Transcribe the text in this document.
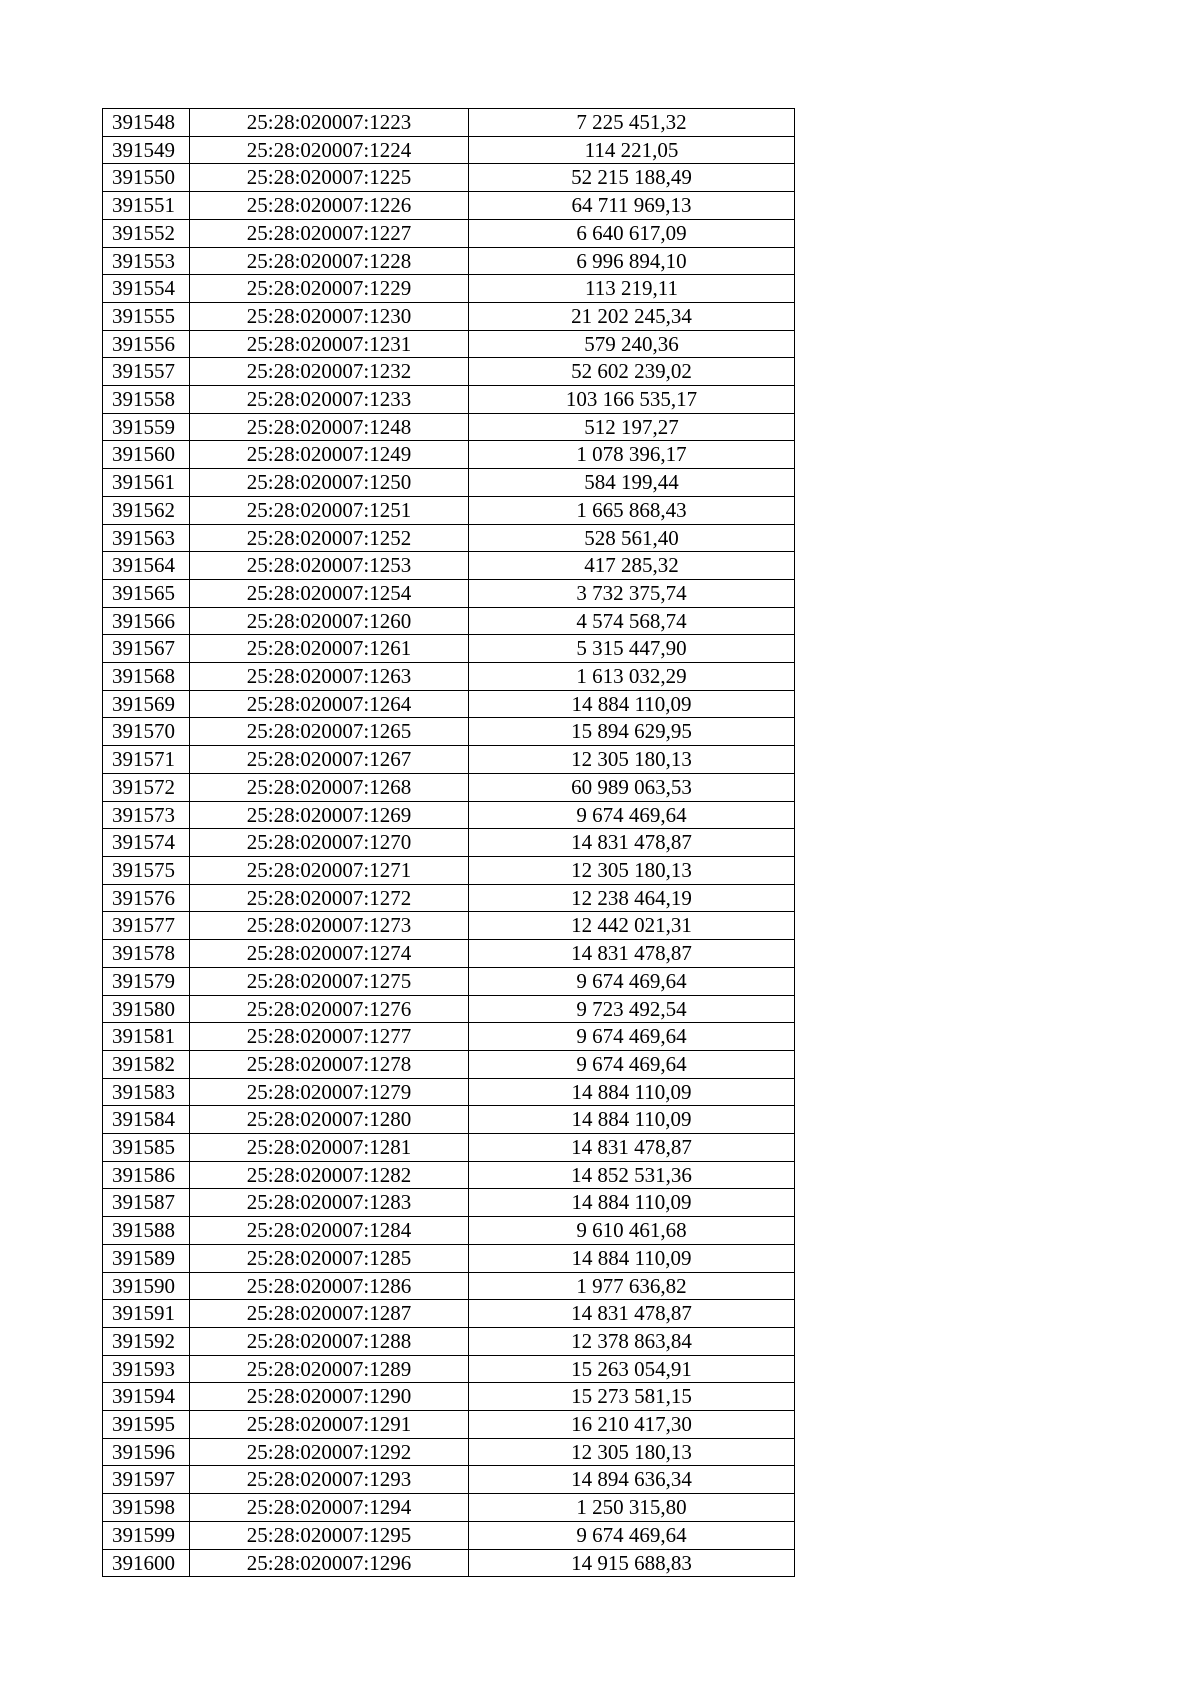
391548	25:28:020007:1223	7 225 451,32
391549	25:28:020007:1224	114 221,05
391550	25:28:020007:1225	52 215 188,49
391551	25:28:020007:1226	64 711 969,13
391552	25:28:020007:1227	6 640 617,09
391553	25:28:020007:1228	6 996 894,10
391554	25:28:020007:1229	113 219,11
391555	25:28:020007:1230	21 202 245,34
391556	25:28:020007:1231	579 240,36
391557	25:28:020007:1232	52 602 239,02
391558	25:28:020007:1233	103 166 535,17
391559	25:28:020007:1248	512 197,27
391560	25:28:020007:1249	1 078 396,17
391561	25:28:020007:1250	584 199,44
391562	25:28:020007:1251	1 665 868,43
391563	25:28:020007:1252	528 561,40
391564	25:28:020007:1253	417 285,32
391565	25:28:020007:1254	3 732 375,74
391566	25:28:020007:1260	4 574 568,74
391567	25:28:020007:1261	5 315 447,90
391568	25:28:020007:1263	1 613 032,29
391569	25:28:020007:1264	14 884 110,09
391570	25:28:020007:1265	15 894 629,95
391571	25:28:020007:1267	12 305 180,13
391572	25:28:020007:1268	60 989 063,53
391573	25:28:020007:1269	9 674 469,64
391574	25:28:020007:1270	14 831 478,87
391575	25:28:020007:1271	12 305 180,13
391576	25:28:020007:1272	12 238 464,19
391577	25:28:020007:1273	12 442 021,31
391578	25:28:020007:1274	14 831 478,87
391579	25:28:020007:1275	9 674 469,64
391580	25:28:020007:1276	9 723 492,54
391581	25:28:020007:1277	9 674 469,64
391582	25:28:020007:1278	9 674 469,64
391583	25:28:020007:1279	14 884 110,09
391584	25:28:020007:1280	14 884 110,09
391585	25:28:020007:1281	14 831 478,87
391586	25:28:020007:1282	14 852 531,36
391587	25:28:020007:1283	14 884 110,09
391588	25:28:020007:1284	9 610 461,68
391589	25:28:020007:1285	14 884 110,09
391590	25:28:020007:1286	1 977 636,82
391591	25:28:020007:1287	14 831 478,87
391592	25:28:020007:1288	12 378 863,84
391593	25:28:020007:1289	15 263 054,91
391594	25:28:020007:1290	15 273 581,15
391595	25:28:020007:1291	16 210 417,30
391596	25:28:020007:1292	12 305 180,13
391597	25:28:020007:1293	14 894 636,34
391598	25:28:020007:1294	1 250 315,80
391599	25:28:020007:1295	9 674 469,64
391600	25:28:020007:1296	14 915 688,83
